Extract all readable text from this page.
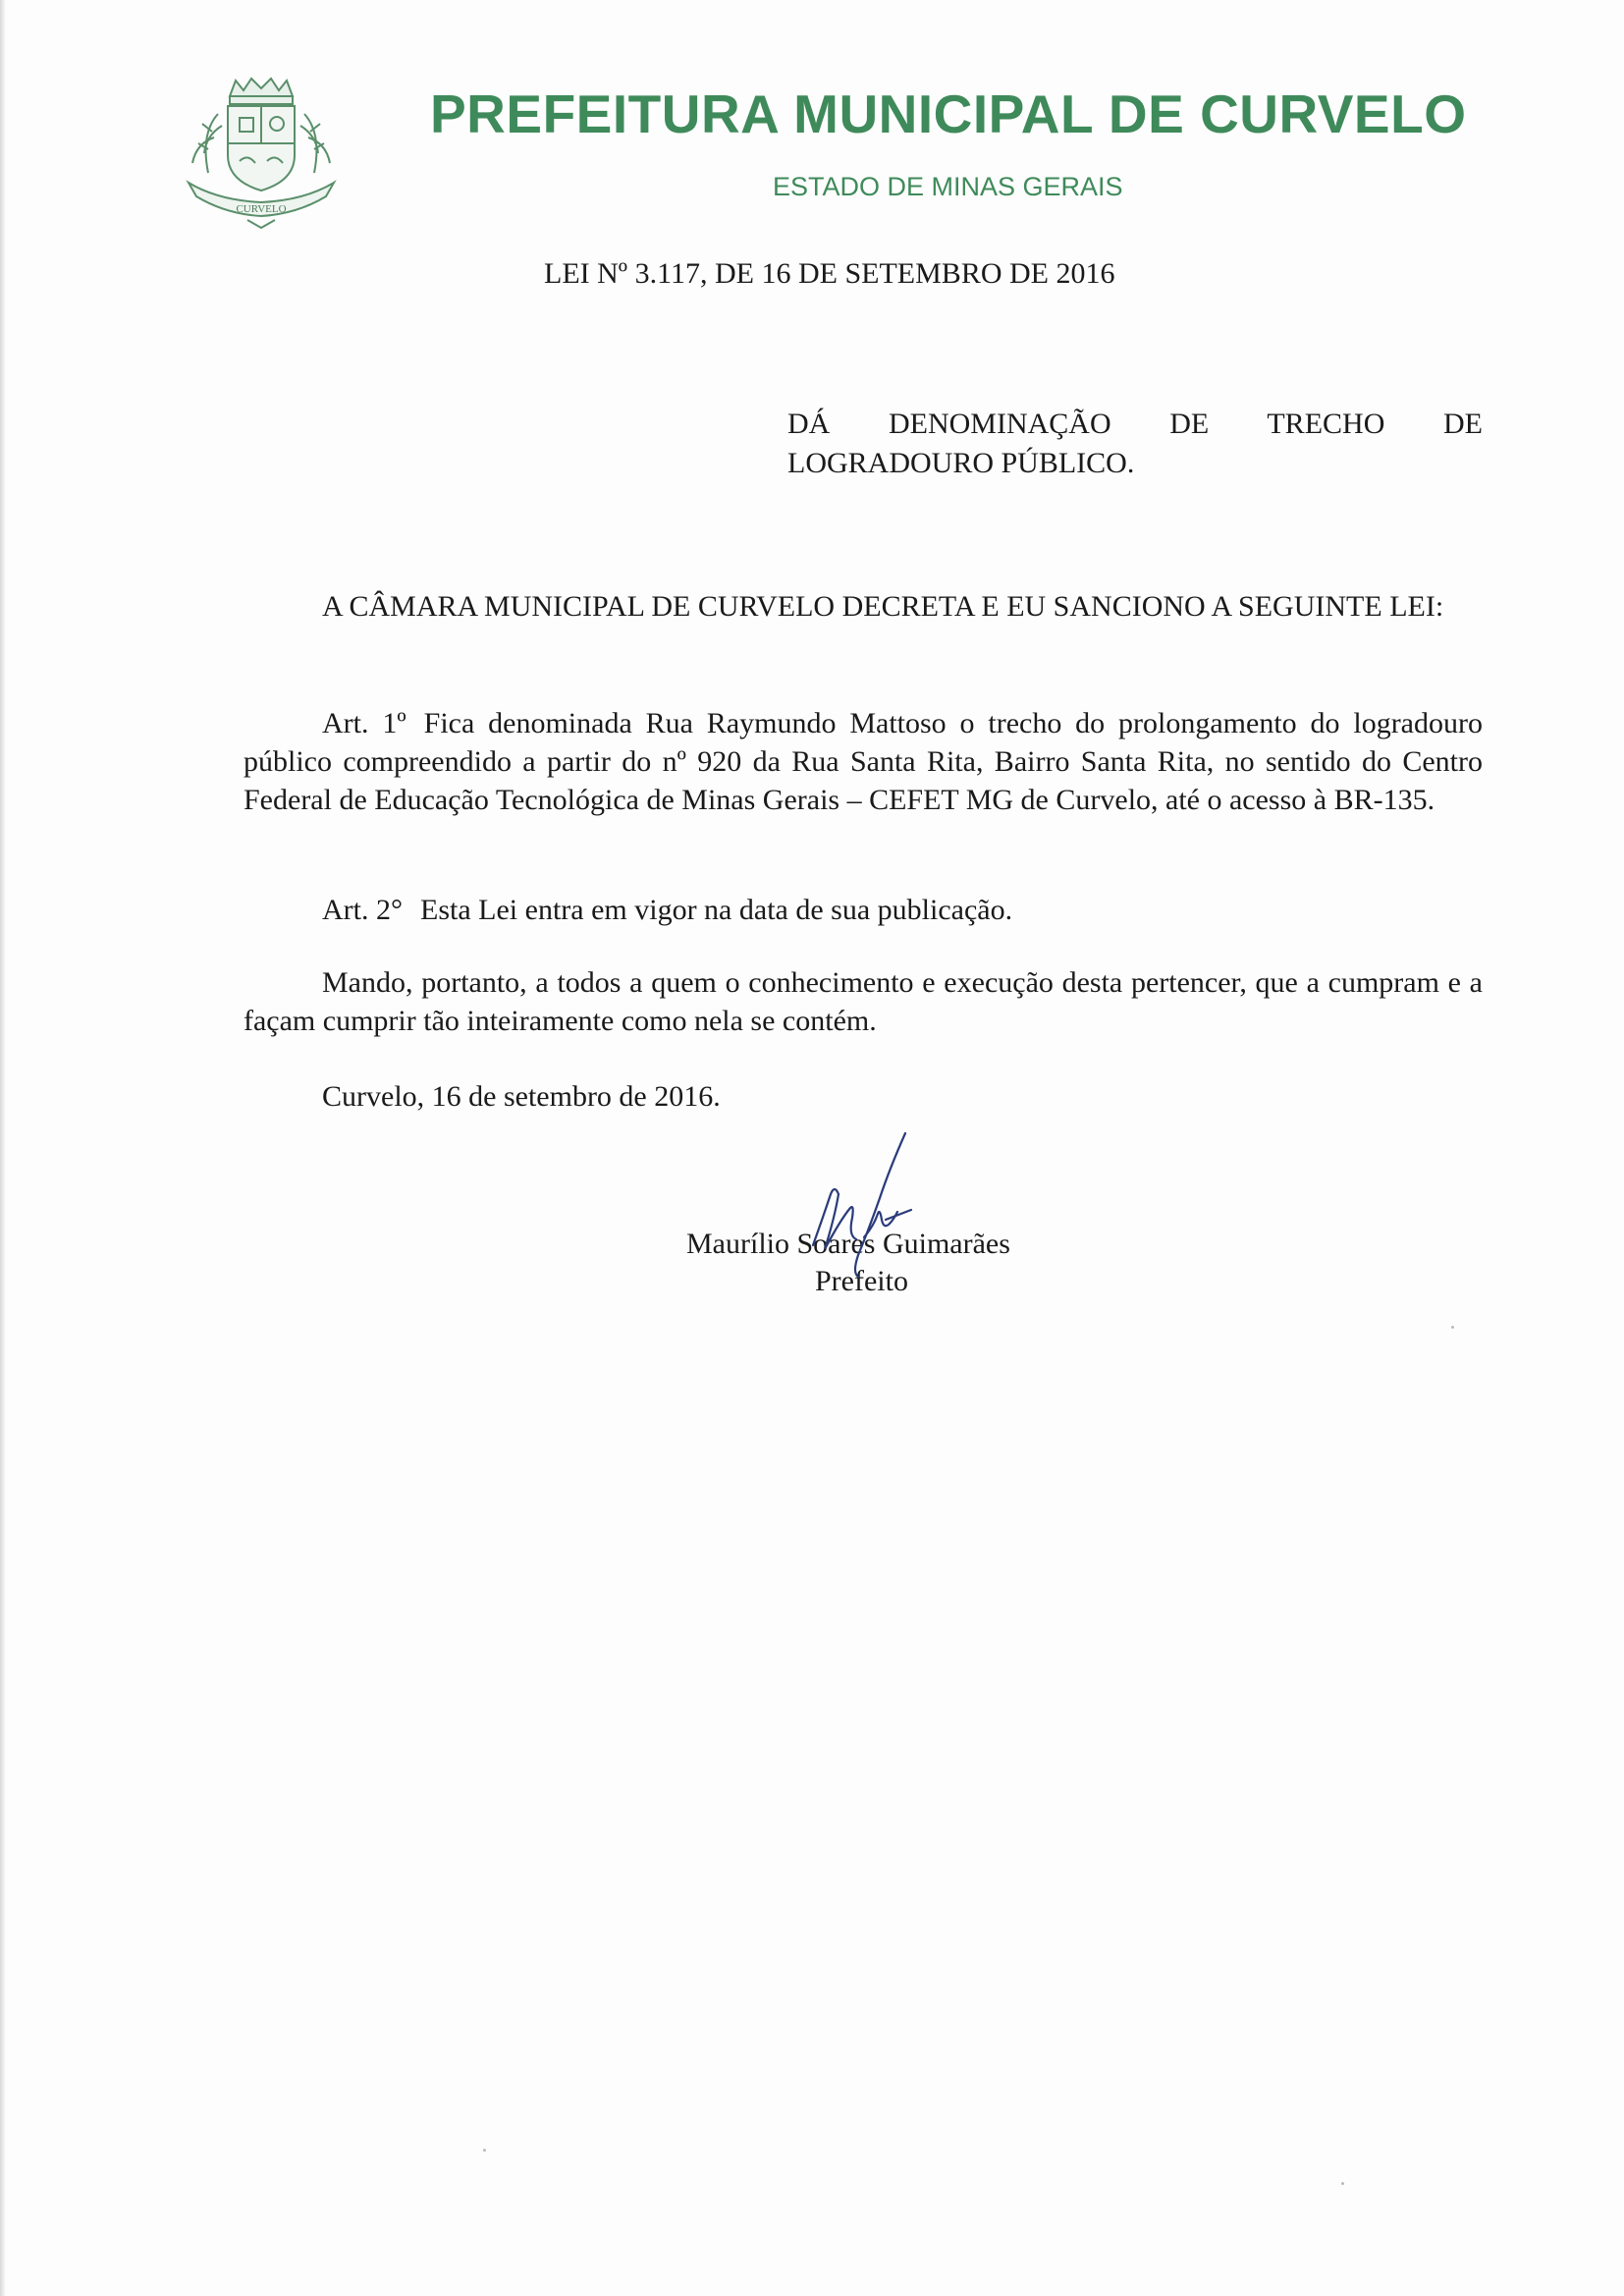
CURVELO
PREFEITURA MUNICIPAL DE CURVELO
ESTADO DE MINAS GERAIS
LEI Nº 3.117, DE 16 DE SETEMBRO DE 2016
DÁ DENOMINAÇÃO DE TRECHO DE
LOGRADOURO PÚBLICO.

A CÂMARA MUNICIPAL DE CURVELO DECRETA E EU SANCIONO A SEGUINTE LEI:

Art. 1º Fica denominada Rua Raymundo Mattoso o trecho do prolongamento do logradouro público compreendido a partir do nº 920 da Rua Santa Rita, Bairro Santa Rita, no sentido do Centro Federal de Educação Tecnológica de Minas Gerais – CEFET MG de Curvelo, até o acesso à BR-135.

Art. 2° Esta Lei entra em vigor na data de sua publicação.

Mando, portanto, a todos a quem o conhecimento e execução desta pertencer, que a cumpram e a façam cumprir tão inteiramente como nela se contém.

Curvelo, 16 de setembro de 2016.

Maurílio Soares Guimarães
Prefeito
